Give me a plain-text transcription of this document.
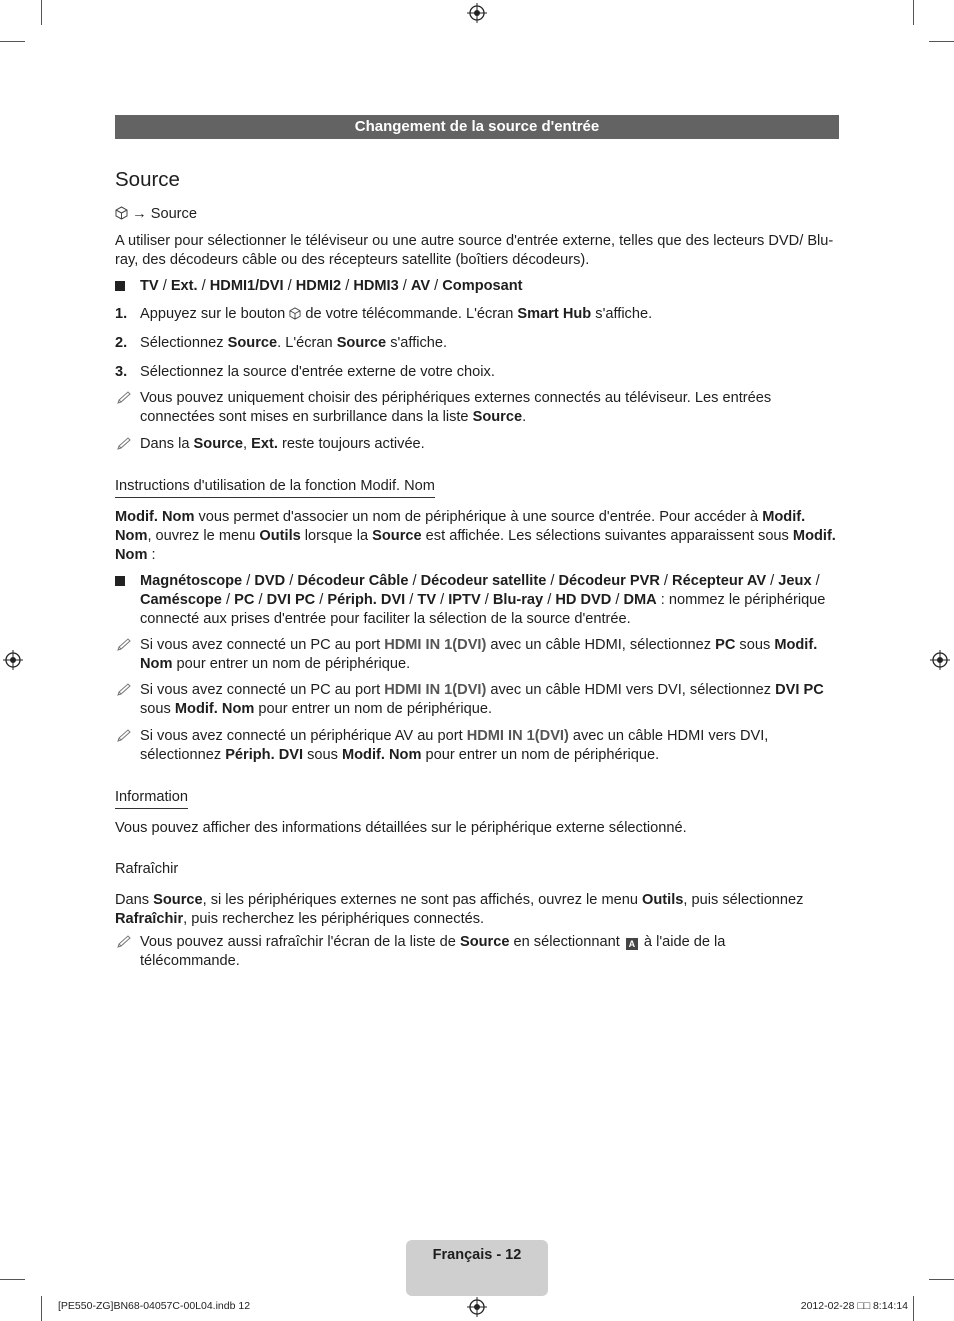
Changement de la source d'entrée
Source
→ Source
A utiliser pour sélectionner le téléviseur ou une autre source d'entrée externe, telles que des lecteurs DVD/ Blu-ray, des décodeurs câble ou des récepteurs satellite (boîtiers décodeurs).
TV / Ext. / HDMI1/DVI / HDMI2 / HDMI3 / AV / Composant
1. Appuyez sur le bouton  de votre télécommande. L'écran Smart Hub s'affiche.
2. Sélectionnez Source. L'écran Source s'affiche.
3. Sélectionnez la source d'entrée externe de votre choix.
Vous pouvez uniquement choisir des périphériques externes connectés au téléviseur. Les entrées connectées sont mises en surbrillance dans la liste Source.
Dans la Source, Ext. reste toujours activée.
Instructions d'utilisation de la fonction Modif. Nom
Modif. Nom vous permet d'associer un nom de périphérique à une source d'entrée. Pour accéder à Modif. Nom, ouvrez le menu Outils lorsque la Source est affichée. Les sélections suivantes apparaissent sous Modif. Nom :
Magnétoscope / DVD / Décodeur Câble / Décodeur satellite / Décodeur PVR / Récepteur AV / Jeux / Caméscope / PC / DVI PC / Périph. DVI / TV / IPTV / Blu-ray / HD DVD / DMA : nommez le périphérique connecté aux prises d'entrée pour faciliter la sélection de la source d'entrée.
Si vous avez connecté un PC au port HDMI IN 1(DVI) avec un câble HDMI, sélectionnez PC sous Modif. Nom pour entrer un nom de périphérique.
Si vous avez connecté un PC au port HDMI IN 1(DVI) avec un câble HDMI vers DVI, sélectionnez DVI PC sous Modif. Nom pour entrer un nom de périphérique.
Si vous avez connecté un périphérique AV au port HDMI IN 1(DVI) avec un câble HDMI vers DVI, sélectionnez Périph. DVI sous Modif. Nom pour entrer un nom de périphérique.
Information
Vous pouvez afficher des informations détaillées sur le périphérique externe sélectionné.
Rafraîchir
Dans Source, si les périphériques externes ne sont pas affichés, ouvrez le menu Outils, puis sélectionnez Rafraîchir, puis recherchez les périphériques connectés.
Vous pouvez aussi rafraîchir l'écran de la liste de Source en sélectionnant A à l'aide de la télécommande.
Français - 12
[PE550-ZG]BN68-04057C-00L04.indb 12	2012-02-28 □□ 8:14:14
